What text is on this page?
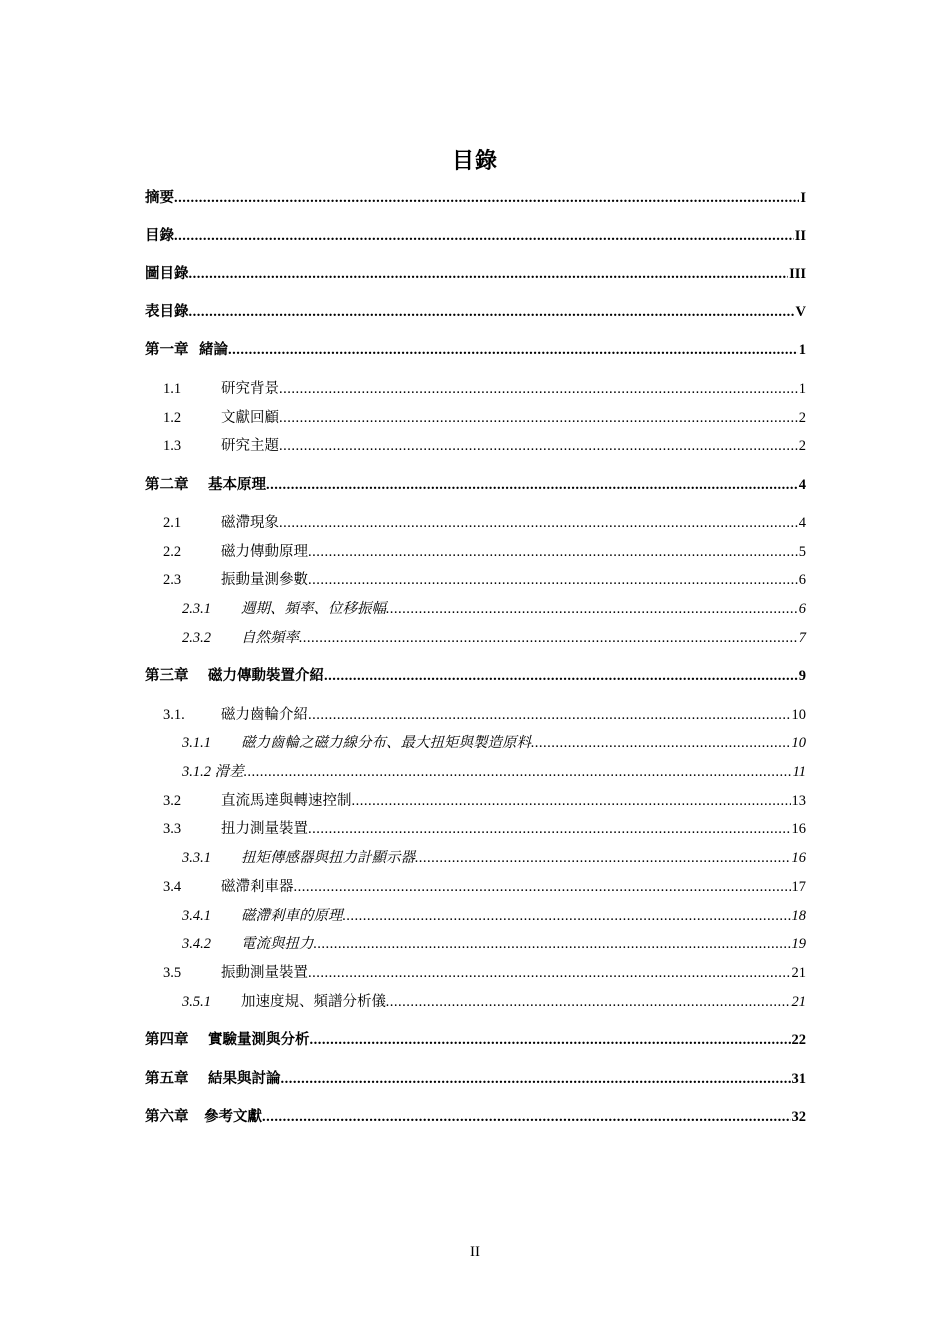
目錄
摘要 .....	I
目錄 .....	II
圖目錄 .....	III
表目錄 .....	V
第一章 緒論 .....	1
1.1	研究背景 .....	1
1.2	文獻回顧 .....	2
1.3	研究主題 .....	2
第二章	基本原理 .....	4
2.1	磁滯現象 .....	4
2.2	磁力傳動原理 .....	5
2.3	振動量測參數 .....	6
2.3.1	週期、頻率、位移振幅 .....	6
2.3.2	自然頻率 .....	7
第三章	磁力傳動裝置介紹 .....	9
3.1.	磁力齒輪介紹 .....	10
3.1.1	磁力齒輪之磁力線分布、最大扭矩與製造原料 .....	10
3.1.2 滑差 .....	11
3.2	直流馬達與轉速控制 .....	13
3.3	扭力測量裝置 .....	16
3.3.1	扭矩傳感器與扭力計顯示器 .....	16
3.4	磁滯剎車器 .....	17
3.4.1	磁滯剎車的原理 .....	18
3.4.2	電流與扭力 .....	19
3.5	振動測量裝置 .....	21
3.5.1	加速度規、頻譜分析儀 .....	21
第四章	實驗量測與分析 .....	22
第五章	結果與討論 .....	31
第六章	參考文獻 .....	32
II
